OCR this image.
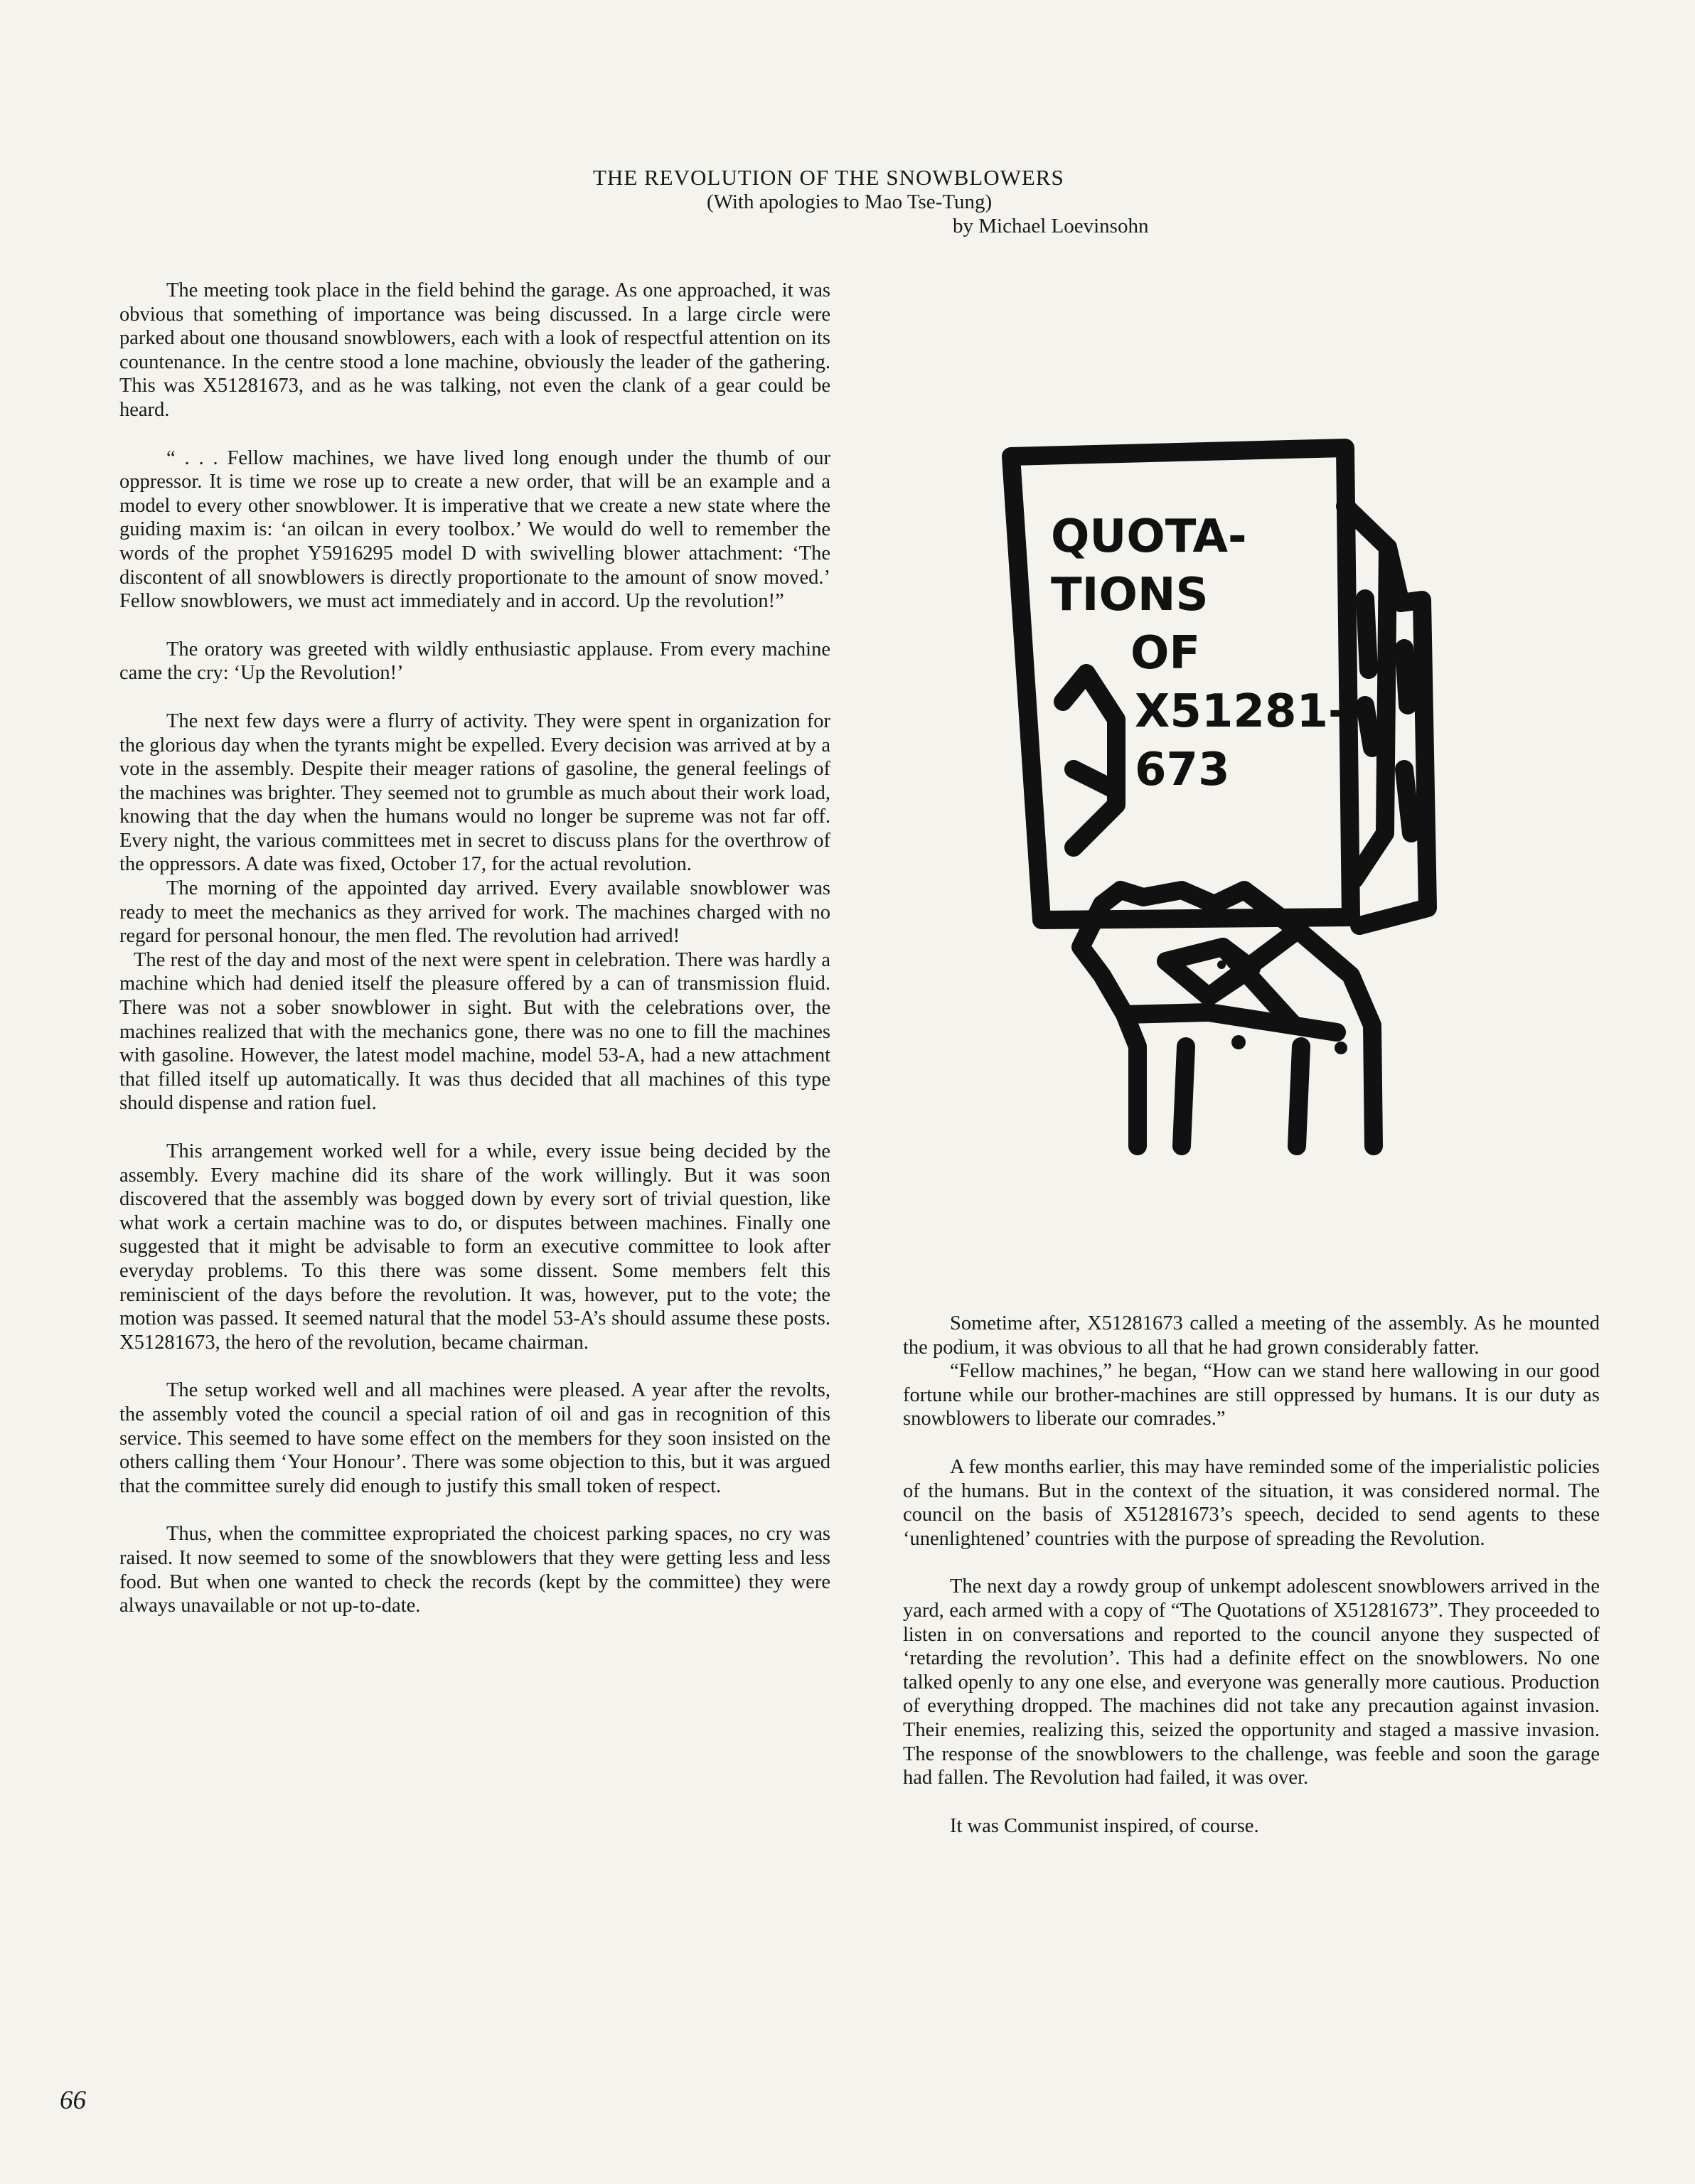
THE REVOLUTION OF THE SNOWBLOWERS
(With apologies to Mao Tse-Tung)
by Michael Loevinsohn

The meeting took place in the field behind the garage. As one approached, it was obvious that something of importance was being discussed. In a large circle were parked about one thousand snowblowers, each with a look of respectful attention on its countenance. In the centre stood a lone machine, obviously the leader of the gathering. This was X51281673, and as he was talking, not even the clank of a gear could be heard.

“ . . . Fellow machines, we have lived long enough under the thumb of our oppressor. It is time we rose up to create a new order, that will be an example and a model to every other snowblower. It is imperative that we create a new state where the guiding maxim is: ‘an oilcan in every toolbox.’ We would do well to remember the words of the prophet Y5916295 model D with swivelling blower attachment: ‘The discontent of all snowblowers is directly proportionate to the amount of snow moved.’ Fellow snowblowers, we must act immediately and in accord. Up the revolution!”

The oratory was greeted with wildly enthusiastic applause. From every machine came the cry: ‘Up the Revolution!’

The next few days were a flurry of activity. They were spent in organization for the glorious day when the tyrants might be expelled. Every decision was arrived at by a vote in the assembly. Despite their meager rations of gasoline, the general feelings of the machines was brighter. They seemed not to grumble as much about their work load, knowing that the day when the humans would no longer be supreme was not far off. Every night, the various committees met in secret to discuss plans for the overthrow of the oppressors. A date was fixed, October 17, for the actual revolution.

The morning of the appointed day arrived. Every available snowblower was ready to meet the mechanics as they arrived for work. The machines charged with no regard for personal honour, the men fled. The revolution had arrived!

The rest of the day and most of the next were spent in celebration. There was hardly a machine which had denied itself the pleasure offered by a can of transmission fluid. There was not a sober snowblower in sight. But with the celebrations over, the machines realized that with the mechanics gone, there was no one to fill the machines with gasoline. However, the latest model machine, model 53-A, had a new attachment that filled itself up automatically. It was thus decided that all machines of this type should dispense and ration fuel.

This arrangement worked well for a while, every issue being decided by the assembly. Every machine did its share of the work willingly. But it was soon discovered that the assembly was bogged down by every sort of trivial question, like what work a certain machine was to do, or disputes between machines. Finally one suggested that it might be advisable to form an executive committee to look after everyday problems. To this there was some dissent. Some members felt this reminiscient of the days before the revolution. It was, however, put to the vote; the motion was passed. It seemed natural that the model 53-A’s should assume these posts. X51281673, the hero of the revolution, became chairman.

The setup worked well and all machines were pleased. A year after the revolts, the assembly voted the council a special ration of oil and gas in recognition of this service. This seemed to have some effect on the members for they soon insisted on the others calling them ‘Your Honour’. There was some objection to this, but it was argued that the committee surely did enough to justify this small token of respect.

Thus, when the committee expropriated the choicest parking spaces, no cry was raised. It now seemed to some of the snowblowers that they were getting less and less food. But when one wanted to check the records (kept by the committee) they were always unavailable or not up-to-date.

QUOTA-
TIONS
OF
X51281-
673

Sometime after, X51281673 called a meeting of the assembly. As he mounted the podium, it was obvious to all that he had grown considerably fatter.

“Fellow machines,” he began, “How can we stand here wallowing in our good fortune while our brother-machines are still oppressed by humans. It is our duty as snowblowers to liberate our comrades.”

A few months earlier, this may have reminded some of the imperialistic policies of the humans. But in the context of the situation, it was considered normal. The council on the basis of X51281673’s speech, decided to send agents to these ‘unenlightened’ countries with the purpose of spreading the Revolution.

The next day a rowdy group of unkempt adolescent snowblowers arrived in the yard, each armed with a copy of “The Quotations of X51281673”. They proceeded to listen in on conversations and reported to the council anyone they suspected of ‘retarding the revolution’. This had a definite effect on the snowblowers. No one talked openly to any one else, and everyone was generally more cautious. Production of everything dropped. The machines did not take any precaution against invasion. Their enemies, realizing this, seized the opportunity and staged a massive invasion. The response of the snowblowers to the challenge, was feeble and soon the garage had fallen. The Revolution had failed, it was over.

It was Communist inspired, of course.

66
